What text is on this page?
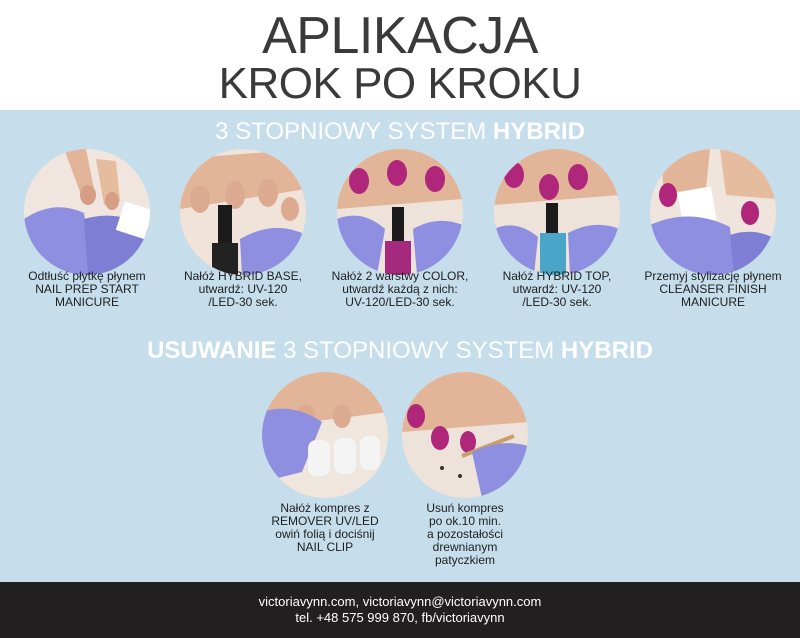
APLIKACJA
KROK PO KROKU
3 STOPNIOWY SYSTEM HYBRID
Odtłuść płytkę płynem
NAIL PREP START
MANICURE
Nałóż HYBRID BASE,
utwardź: UV-120
/LED-30 sek.
Nałóż 2 warstwy COLOR,
utwardź każdą z nich:
UV-120/LED-30 sek.
Nałóż HYBRID TOP,
utwardź: UV-120
/LED-30 sek.
Przemyj stylizację płynem
CLEANSER FINISH
MANICURE
USUWANIE 3 STOPNIOWY SYSTEM HYBRID
Nałóż kompres z
REMOVER UV/LED
owiń folią i dociśnij
NAIL CLIP
Usuń kompres
po ok.10 min.
a pozostałości
drewnianym
patyczkiem
victoriavynn.com, victoriavynn@victoriavynn.com
tel. +48 575 999 870, fb/victoriavynn
